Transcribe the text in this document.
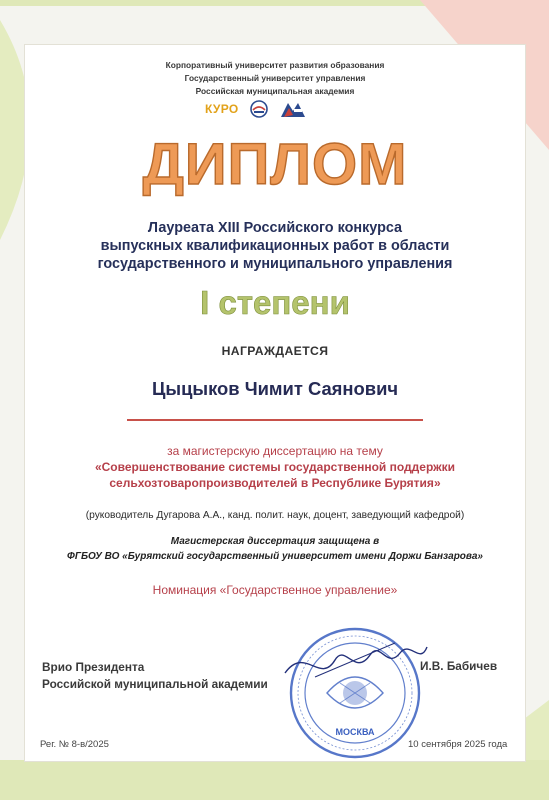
Корпоративный университет развития образования
Государственный университет управления
Российская муниципальная академия
КУРО
ДИПЛОМ
Лауреата XIII Российского конкурса
выпускных квалификационных работ в области
государственного и муниципального управления
I степени
НАГРАЖДАЕТСЯ
Цыцыков Чимит Саянович
за магистерскую диссертацию на тему
«Совершенствование системы государственной поддержки
сельхозтоваропроизводителей в Республике Бурятия»
(руководитель Дугарова А.А., канд. полит. наук, доцент, заведующий кафедрой)
Магистерская диссертация защищена в
ФГБОУ ВО «Бурятский государственный университет имени Доржи Банзарова»
Номинация «Государственное управление»
Врио Президента
Российской муниципальной академии
МОСКВА
И.В. Бабичев
Рег. № 8-в/2025	10 сентября 2025 года
